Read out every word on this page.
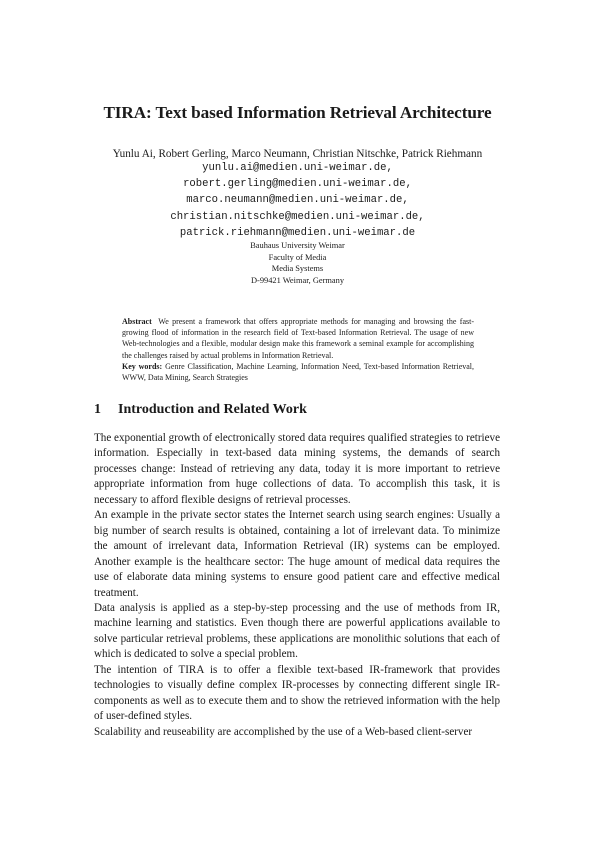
TIRA: Text based Information Retrieval Architecture
Yunlu Ai, Robert Gerling, Marco Neumann, Christian Nitschke, Patrick Riehmann
yunlu.ai@medien.uni-weimar.de,
robert.gerling@medien.uni-weimar.de,
marco.neumann@medien.uni-weimar.de,
christian.nitschke@medien.uni-weimar.de,
patrick.riehmann@medien.uni-weimar.de
Bauhaus University Weimar
Faculty of Media
Media Systems
D-99421 Weimar, Germany
Abstract We present a framework that offers appropriate methods for managing and browsing the fast-growing flood of information in the research field of Text-based Information Retrieval. The usage of new Web-technologies and a flexible, modular design make this framework a seminal example for accomplishing the challenges raised by actual problems in Information Retrieval.
Key words: Genre Classification, Machine Learning, Information Need, Text-based Information Retrieval, WWW, Data Mining, Search Strategies
1 Introduction and Related Work

The exponential growth of electronically stored data requires qualified strategies to retrieve information. Especially in text-based data mining systems, the demands of search processes change: Instead of retrieving any data, today it is more important to retrieve appropriate information from huge collections of data. To accomplish this task, it is necessary to afford flexible designs of retrieval processes.

An example in the private sector states the Internet search using search engines: Usually a big number of search results is obtained, containing a lot of irrelevant data. To minimize the amount of irrelevant data, Information Retrieval (IR) systems can be employed. Another example is the healthcare sector: The huge amount of medical data requires the use of elaborate data mining systems to ensure good patient care and effective medical treatment.

Data analysis is applied as a step-by-step processing and the use of methods from IR, machine learning and statistics. Even though there are powerful applications available to solve particular retrieval problems, these applications are monolithic solutions that each of which is dedicated to solve a special problem.

The intention of TIRA is to offer a flexible text-based IR-framework that provides technologies to visually define complex IR-processes by connecting different single IR-components as well as to execute them and to show the retrieved information with the help of user-defined styles.

Scalability and reuseability are accomplished by the use of a Web-based client-server
